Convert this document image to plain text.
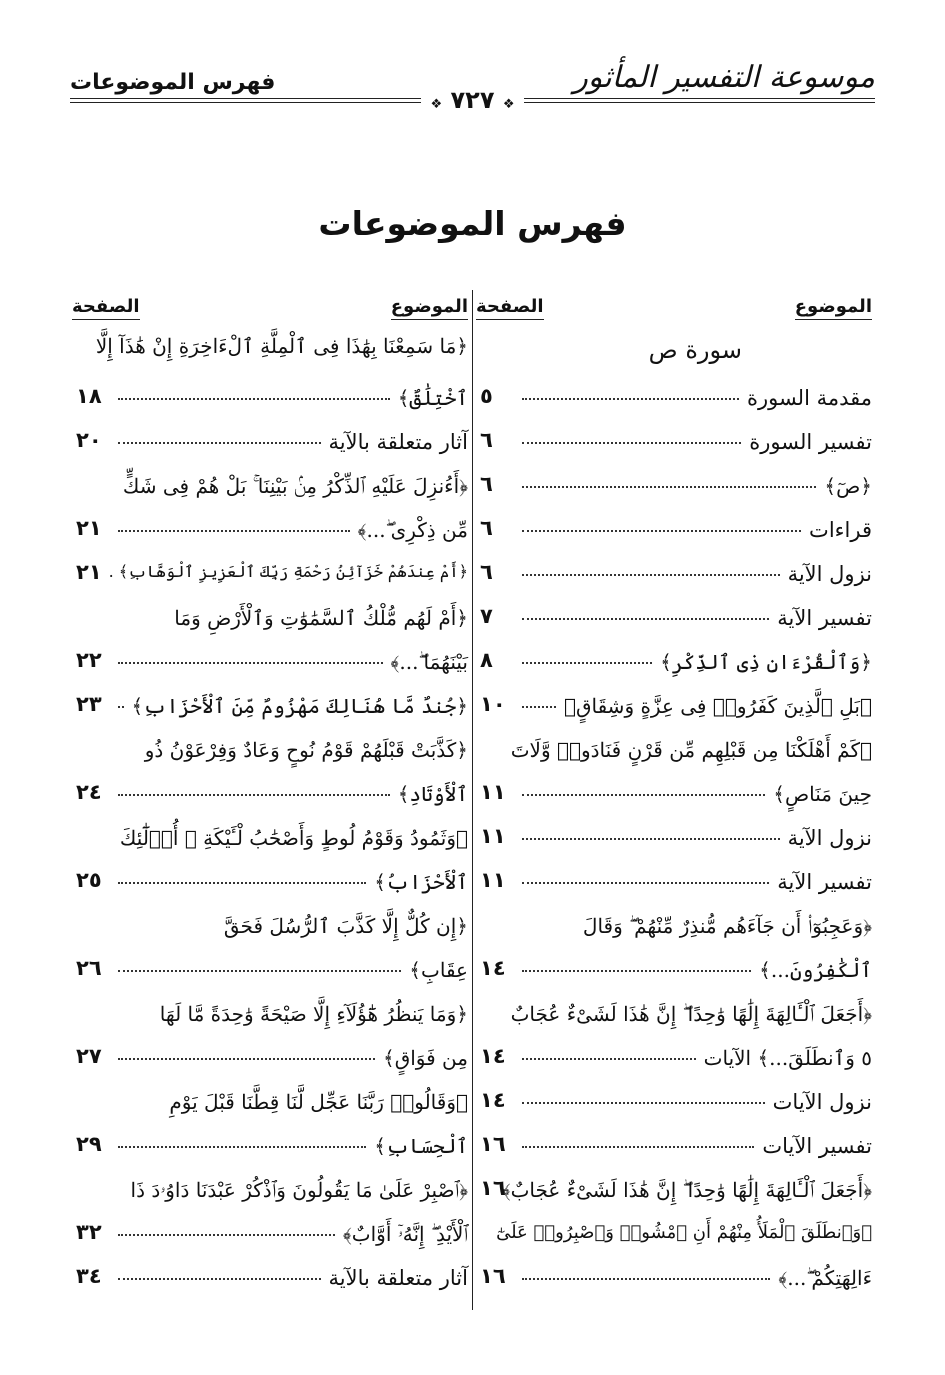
موسوعة التفسير المأثور
فهرس الموضوعات
❖ ٧٢٧ ❖
فهرس الموضوعات
الموضوع
الصفحة
سورة ص
مقدمة السورة
٥
تفسير السورة
٦
﴿صٓ﴾
٦
قراءات
٦
نزول الآية
٦
تفسير الآية
٧
﴿وَٱلْقُرْءَانِ ذِى ٱلذِّكْرِ﴾
٨
﴿بَلِ ٱلَّذِينَ كَفَرُوا۟ فِى عِزَّةٍ وَشِقَاقٍ﴾
١٠
﴿كَمْ أَهْلَكْنَا مِن قَبْلِهِم مِّن قَرْنٍ فَنَادَوا۟ وَّلَاتَ
حِينَ مَنَاصٍ﴾
١١
نزول الآية
١١
تفسير الآية
١١
﴿وَعَجِبُوٓا۟ أَن جَآءَهُم مُّنذِرٌ مِّنْهُمْ ۖ وَقَالَ
ٱلْكَٰفِرُونَ...﴾
١٤
﴿أَجَعَلَ ٱلْـَٔالِهَةَ إِلَٰهًا وَٰحِدًا ۖ إِنَّ هَٰذَا لَشَىْءٌ عُجَابٌ
٥ وَٱنطَلَقَ...﴾ الآيات
١٤
نزول الآيات
١٤
تفسير الآيات
١٦
﴿أَجَعَلَ ٱلْـَٔالِهَةَ إِلَٰهًا وَٰحِدًا ۖ إِنَّ هَٰذَا لَشَىْءٌ عُجَابٌ﴾
١٦
﴿وَٱنطَلَقَ ٱلْمَلَأُ مِنْهُمْ أَنِ ٱمْشُوا۟ وَٱصْبِرُوا۟ عَلَىٰٓ
ءَالِهَتِكُمْ ۖ...﴾
١٦
الموضوع
الصفحة
﴿مَا سَمِعْنَا بِهَٰذَا فِى ٱلْمِلَّةِ ٱلْءَاخِرَةِ إِنْ هَٰذَآ إِلَّا
ٱخْتِلَٰقٌ﴾
١٨
آثار متعلقة بالآية
٢٠
﴿أَءُنزِلَ عَلَيْهِ ٱلذِّكْرُ مِنۢ بَيْنِنَا ۚ بَلْ هُمْ فِى شَكٍّ
مِّن ذِكْرِى ۖ...﴾
٢١
﴿أَمْ عِندَهُمْ خَزَآئِنُ رَحْمَةِ رَبِّكَ ٱلْعَزِيزِ ٱلْوَهَّابِ﴾ .
٢١
﴿أَمْ لَهُم مُّلْكُ ٱلسَّمَٰوَٰتِ وَٱلْأَرْضِ وَمَا
بَيْنَهُمَا ۖ...﴾
٢٢
﴿جُندٌ مَّا هُنَالِكَ مَهْزُومٌ مِّنَ ٱلْأَحْزَابِ﴾
٢٣
﴿كَذَّبَتْ قَبْلَهُمْ قَوْمُ نُوحٍ وَعَادٌ وَفِرْعَوْنُ ذُو
ٱلْأَوْتَادِ﴾
٢٤
﴿وَثَمُودُ وَقَوْمُ لُوطٍ وَأَصْحَٰبُ لْـَٔيْكَةِ ۚ أُو۟لَٰٓئِكَ
ٱلْأَحْزَابُ﴾
٢٥
﴿إِن كُلٌّ إِلَّا كَذَّبَ ٱلرُّسُلَ فَحَقَّ
عِقَابِ﴾
٢٦
﴿وَمَا يَنظُرُ هَٰٓؤُلَآءِ إِلَّا صَيْحَةً وَٰحِدَةً مَّا لَهَا
مِن فَوَاقٍ﴾
٢٧
﴿وَقَالُوا۟ رَبَّنَا عَجِّل لَّنَا قِطَّنَا قَبْلَ يَوْمِ
ٱلْحِسَابِ﴾
٢٩
﴿ٱصْبِرْ عَلَىٰ مَا يَقُولُونَ وَٱذْكُرْ عَبْدَنَا دَاوُۥدَ ذَا
ٱلْأَيْدِ ۖ إِنَّهُۥٓ أَوَّابٌ﴾
٣٢
آثار متعلقة بالآية
٣٤
